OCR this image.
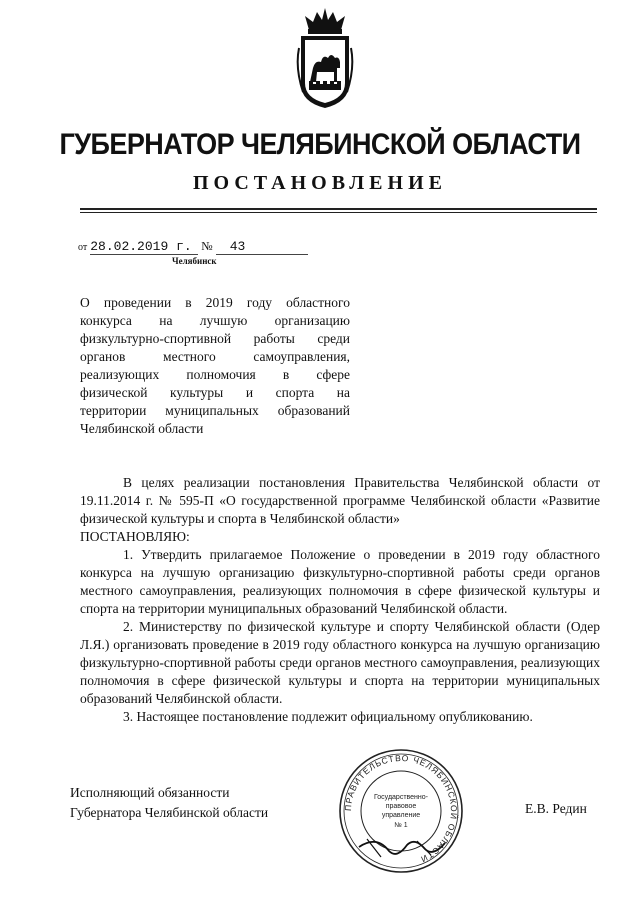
ГУБЕРНАТОР ЧЕЛЯБИНСКОЙ ОБЛАСТИ
ПОСТАНОВЛЕНИЕ
от 28.02.2019 г. № 43
Челябинск
О проведении в 2019 году областного
конкурса на лучшую организацию
физкультурно-спортивной работы среди
органов местного самоуправления,
реализующих полномочия в сфере
физической культуры и спорта на
территории муниципальных образований
Челябинской области

В целях реализации постановления Правительства Челябинской области от 19.11.2014 г. № 595-П «О государственной программе Челябинской области «Развитие физической культуры и спорта в Челябинской области»

ПОСТАНОВЛЯЮ:

1. Утвердить прилагаемое Положение о проведении в 2019 году областного конкурса на лучшую организацию физкультурно-спортивной работы среди органов местного самоуправления, реализующих полномочия в сфере физической культуры и спорта на территории муниципальных образований Челябинской области.

2. Министерству по физической культуре и спорту Челябинской области (Одер Л.Я.) организовать проведение в 2019 году областного конкурса на лучшую организацию физкультурно-спортивной работы среди органов местного самоуправления, реализующих полномочия в сфере физической культуры и спорта на территории муниципальных образований Челябинской области.

3. Настоящее постановление подлежит официальному опубликованию.

Исполняющий обязанности
Губернатора Челябинской области	Е.В. Редин
ПРАВИТЕЛЬСТВО ЧЕЛЯБИНСКОЙ ОБЛАСТИ
Государственно-
правовое
управление
№ 1
